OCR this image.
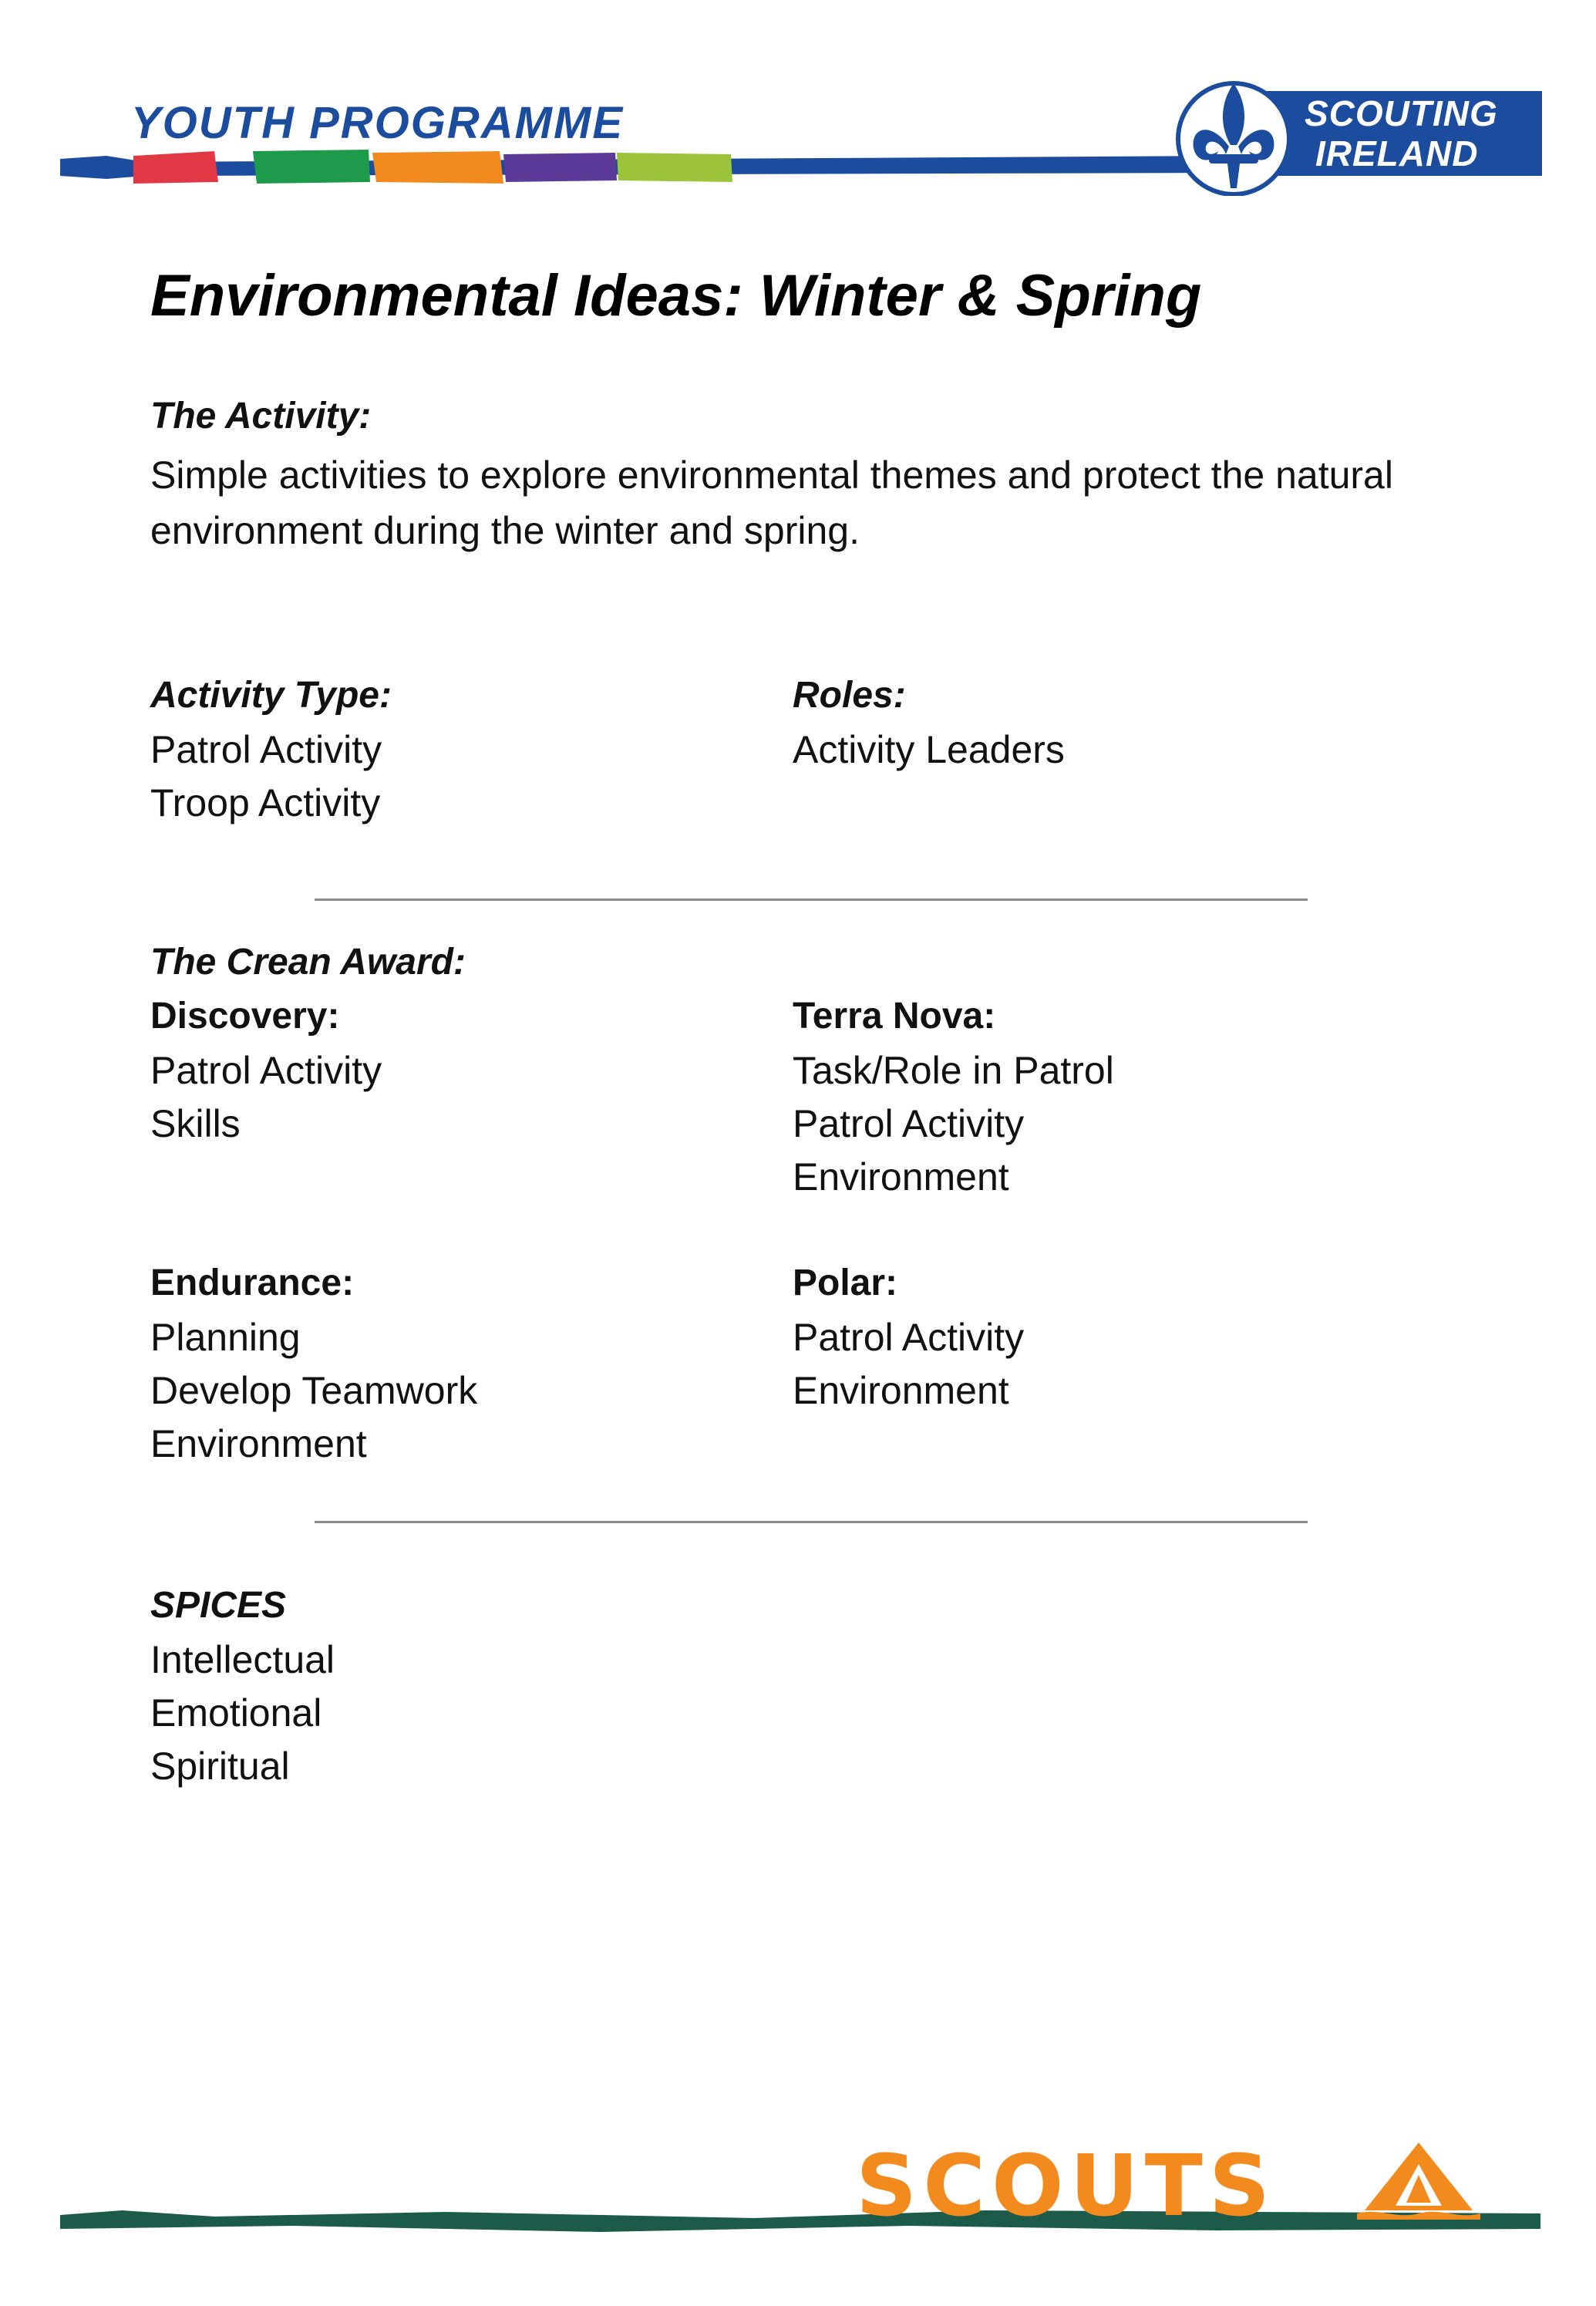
YOUTH PROGRAMME	SCOUTING
IRELAND
Environmental Ideas: Winter & Spring
The Activity:
Simple activities to explore environmental themes and protect the natural environment during the winter and spring.
Activity Type:
Patrol Activity
Troop Activity
Roles:
Activity Leaders
The Crean Award:
Discovery:
Patrol Activity
Skills
Terra Nova:
Task/Role in Patrol
Patrol Activity
Environment
Endurance:
Planning
Develop Teamwork
Environment
Polar:
Patrol Activity
Environment
SPICES
Intellectual
Emotional
Spiritual
SCOUTS
